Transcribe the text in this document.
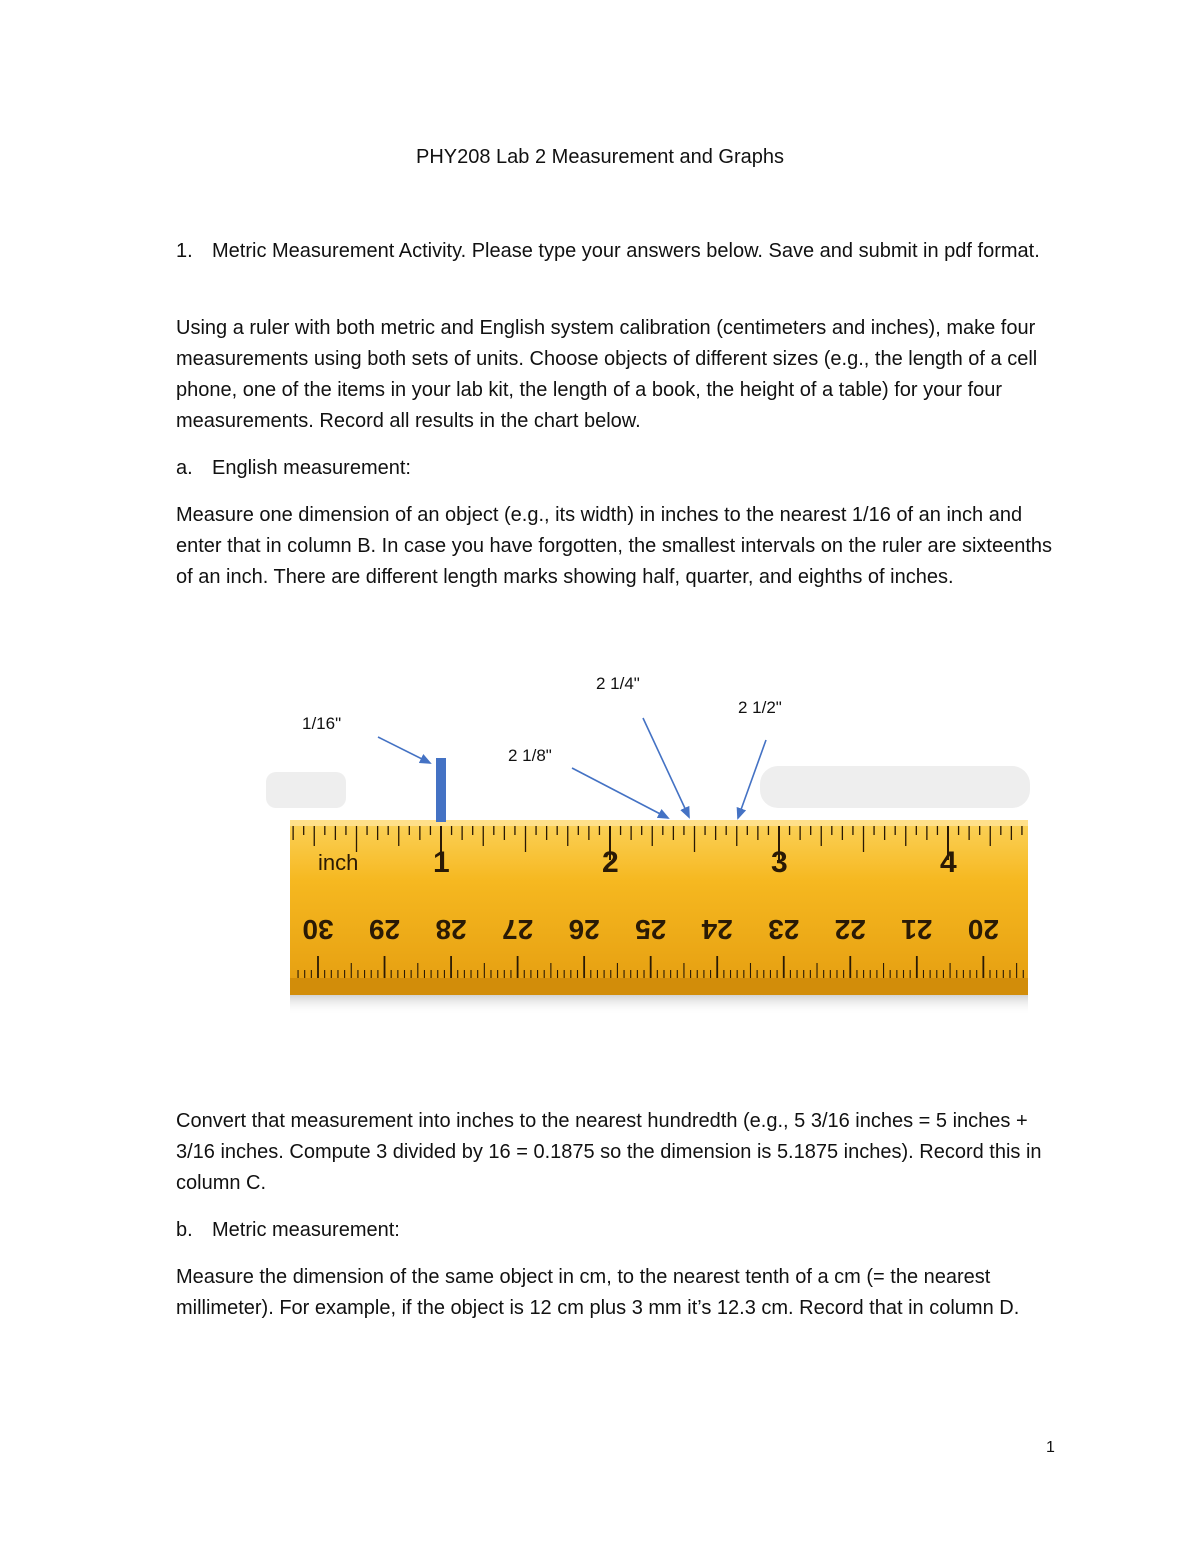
PHY208 Lab 2 Measurement and Graphs
1. Metric Measurement Activity. Please type your answers below. Save and submit in pdf format.
Using a ruler with both metric and English system calibration (centimeters and inches), make four measurements using both sets of units. Choose objects of different sizes (e.g., the length of a cell phone, one of the items in your lab kit, the length of a book, the height of a table) for your four measurements. Record all results in the chart below.
a. English measurement:
Measure one dimension of an object (e.g., its width) in inches to the nearest 1/16 of an inch and enter that in column B. In case you have forgotten, the smallest intervals on the ruler are sixteenths of an inch. There are different length marks showing half, quarter, and eighths of inches.
1	2	3	4
30 29 28 27 26 25 24 23 22 21 20
inch
1/16"
2 1/8"
2 1/4"
2 1/2"
Convert that measurement into inches to the nearest hundredth (e.g., 5 3/16 inches = 5 inches + 3/16 inches. Compute 3 divided by 16 = 0.1875 so the dimension is 5.1875 inches). Record this in column C.
b. Metric measurement:
Measure the dimension of the same object in cm, to the nearest tenth of a cm (= the nearest millimeter). For example, if the object is 12 cm plus 3 mm it’s 12.3 cm. Record that in column D.
1
